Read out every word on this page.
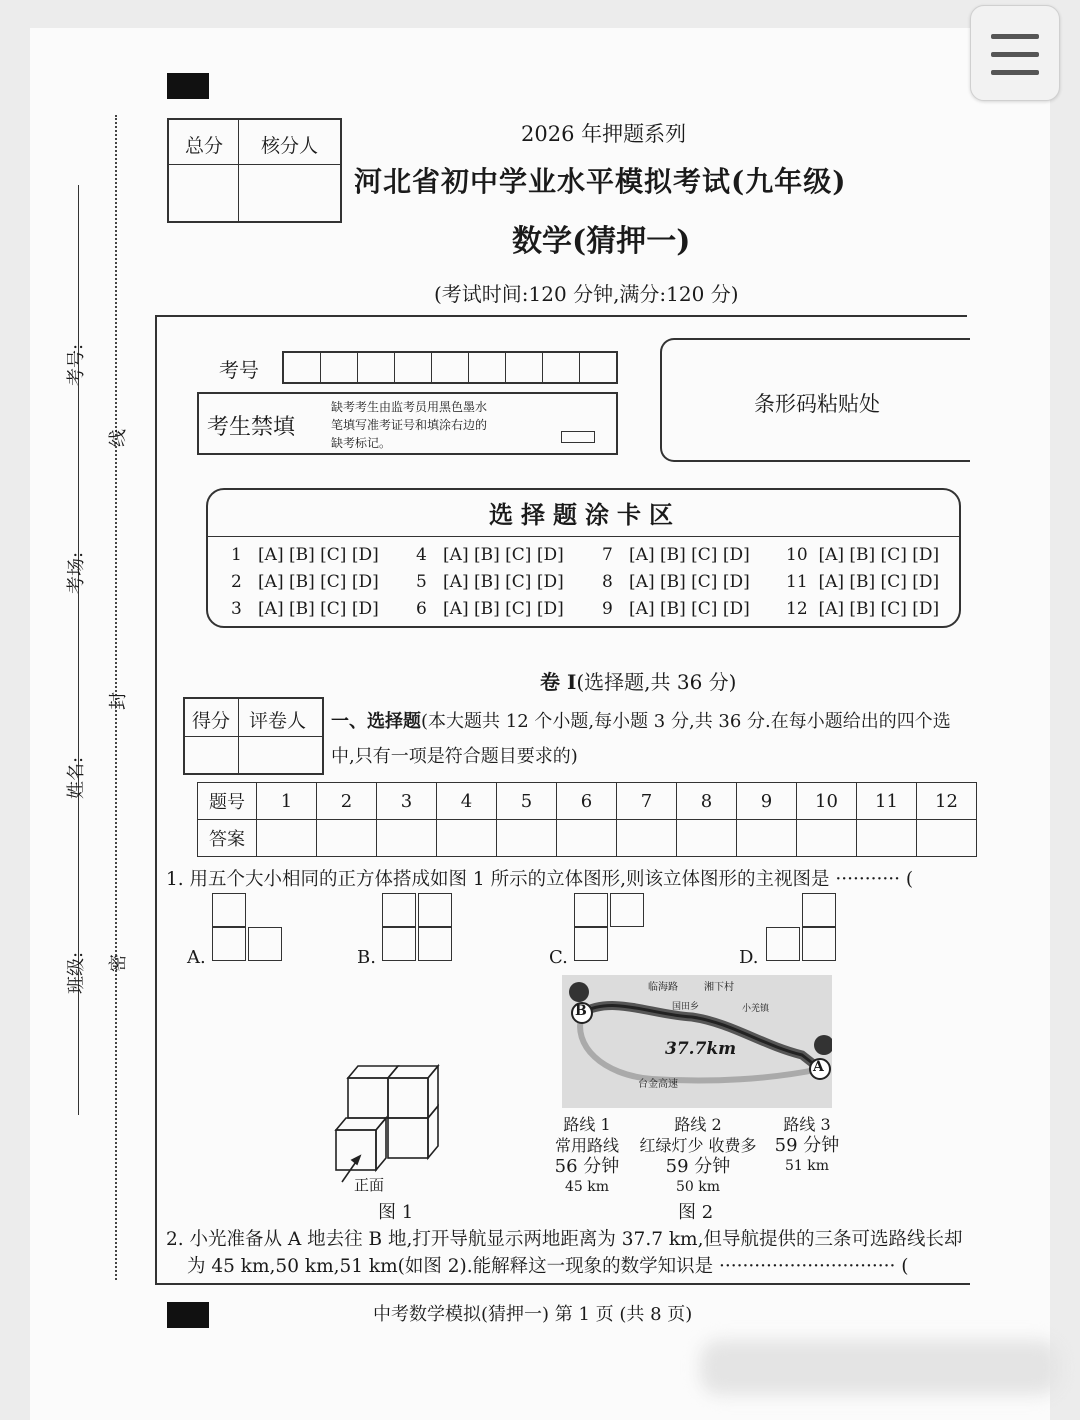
考号:
考场:
姓名:
班级:
线
封
密
总分 核分人	2026 年押题系列
河北省初中学业水平模拟考试(九年级)
数学(猜押一)
(考试时间:120 分钟,满分:120 分)
考号
考生禁填
缺考考生由监考员用黑色墨水
笔填写准考证号和填涂右边的
缺考标记。
条形码粘贴处
选择题涂卡区
1 [A] [B] [C] [D]
2 [A] [B] [C] [D]
3 [A] [B] [C] [D]
4 [A] [B] [C] [D]
5 [A] [B] [C] [D]
6 [A] [B] [C] [D]
7 [A] [B] [C] [D]
8 [A] [B] [C] [D]
9 [A] [B] [C] [D]
10 [A] [B] [C] [D]
11 [A] [B] [C] [D]
12 [A] [B] [C] [D]
卷 I(选择题,共 36 分)
得分 评卷人 一、选择题(本大题共 12 个小题,每小题 3 分,共 36 分.在每小题给出的四个选
中,只有一项是符合题目要求的)
题号	1	2	3	4	5	6	7	8	9	10	11	12
答案												
1. 用五个大小相同的正方体搭成如图 1 所示的立体图形,则该立体图形的主视图是 ··········· (
A.	B.	C.	D.
正面
图 1
B
A
37.7km
临海路	湘下村
国田乡	小羌镇
台金高速
路线 1
常用路线
56 分钟
45 km
路线 2
红绿灯少 收费多
59 分钟
50 km
路线 3
59 分钟
51 km
图 2
2. 小光准备从 A 地去往 B 地,打开导航显示两地距离为 37.7 km,但导航提供的三条可选路线长却
为 45 km,50 km,51 km(如图 2).能解释这一现象的数学知识是 ······························ (
中考数学模拟(猜押一) 第 1 页 (共 8 页)
